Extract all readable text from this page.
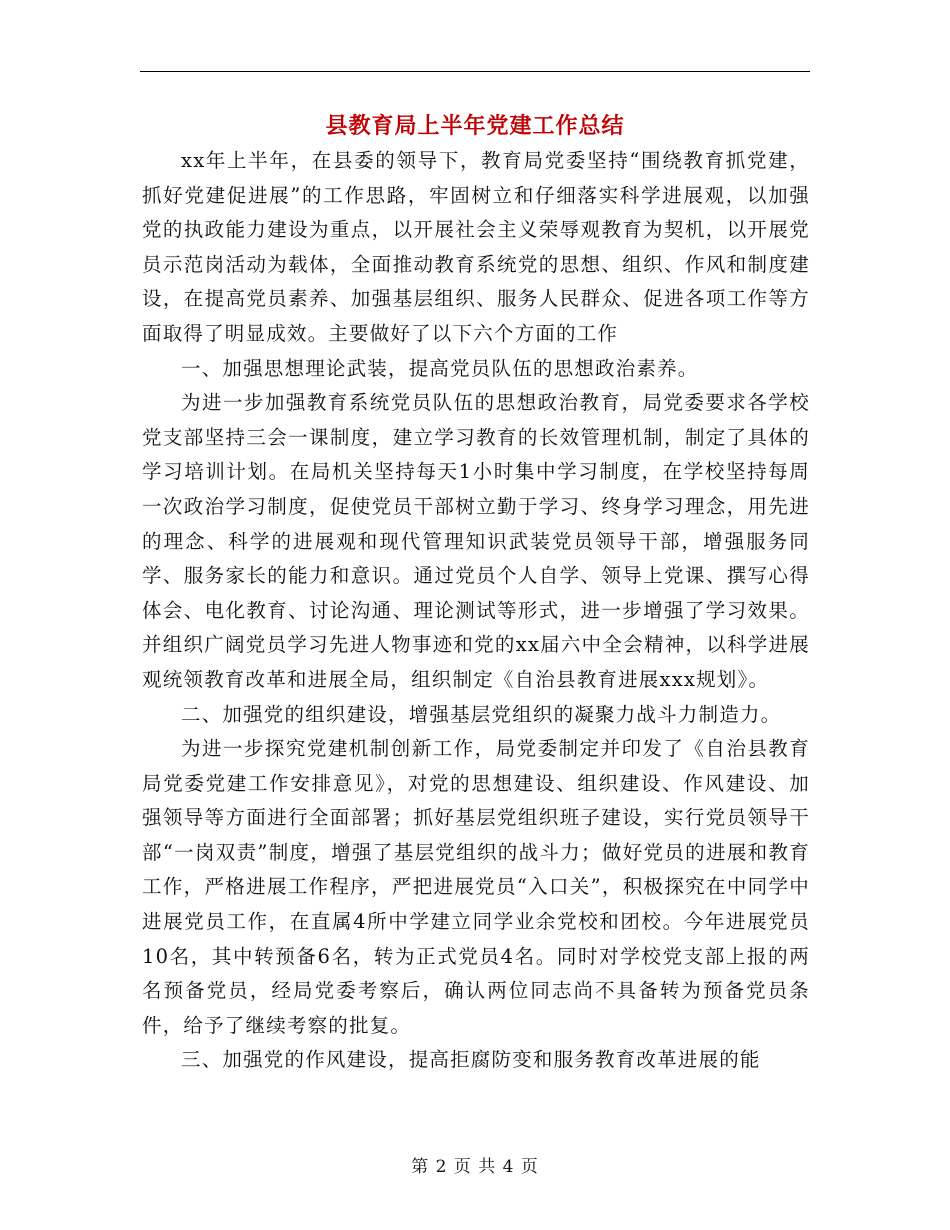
县教育局上半年党建工作总结

xx年上半年，在县委的领导下，教育局党委坚持“围绕教育抓党建，抓好党建促进展”的工作思路，牢固树立和仔细落实科学进展观，以加强党的执政能力建设为重点，以开展社会主义荣辱观教育为契机，以开展党员示范岗活动为载体，全面推动教育系统党的思想、组织、作风和制度建设，在提高党员素养、加强基层组织、服务人民群众、促进各项工作等方面取得了明显成效。主要做好了以下六个方面的工作

一、加强思想理论武装，提高党员队伍的思想政治素养。

为进一步加强教育系统党员队伍的思想政治教育，局党委要求各学校党支部坚持三会一课制度，建立学习教育的长效管理机制，制定了具体的学习培训计划。在局机关坚持每天1小时集中学习制度，在学校坚持每周一次政治学习制度，促使党员干部树立勤于学习、终身学习理念，用先进的理念、科学的进展观和现代管理知识武装党员领导干部，增强服务同学、服务家长的能力和意识。通过党员个人自学、领导上党课、撰写心得体会、电化教育、讨论沟通、理论测试等形式，进一步增强了学习效果。并组织广阔党员学习先进人物事迹和党的xx届六中全会精神，以科学进展观统领教育改革和进展全局，组织制定《自治县教育进展xxx规划》。

二、加强党的组织建设，增强基层党组织的凝聚力战斗力制造力。

为进一步探究党建机制创新工作，局党委制定并印发了《自治县教育局党委党建工作安排意见》，对党的思想建设、组织建设、作风建设、加强领导等方面进行全面部署；抓好基层党组织班子建设，实行党员领导干部“一岗双责”制度，增强了基层党组织的战斗力；做好党员的进展和教育工作，严格进展工作程序，严把进展党员“入口关”，积极探究在中同学中进展党员工作，在直属4所中学建立同学业余党校和团校。今年进展党员10名，其中转预备6名，转为正式党员4名。同时对学校党支部上报的两名预备党员，经局党委考察后，确认两位同志尚不具备转为预备党员条件，给予了继续考察的批复。

三、加强党的作风建设，提高拒腐防变和服务教育改革进展的能

第 2 页 共 4 页
